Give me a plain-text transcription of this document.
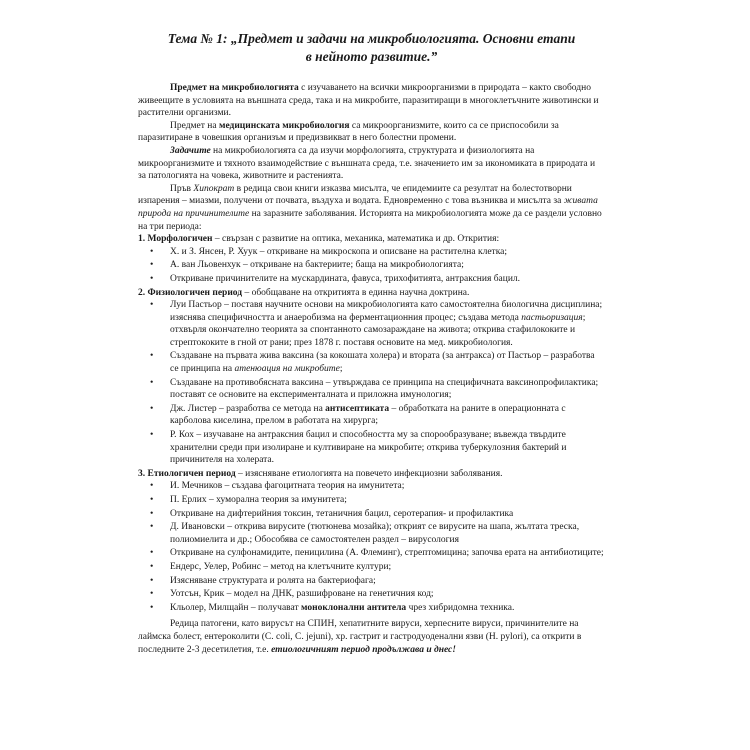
Тема № 1: „Предмет и задачи на микробиологията. Основни етапи
в нейното развитие.”

Предмет на микробиологията с изучаването на всички микроорганизми в природата – както свободно живеещите в условията на външната среда, така и на микробите, паразитиращи в многоклетъчните животински и растителни организми.

Предмет на медицинската микробиология са микроорганизмите, които са се приспособили за паразитиране в човешкия организъм и предизвикват в него болестни промени.

Задачите на микробиологията са да изучи морфологията, структурата и физиологията на микроорганизмите и тяхното взаимодействие с външната среда, т.е. значението им за икономиката в природата и за патологията на човека, животните и растенията.

Пръв Хипократ в редица свои книги изказва мисълта, че епидемиите са резултат на болестотворни изпарения – миазми, получени от почвата, въздуха и водата. Едновременно с това възниква и мисълта за живата природа на причинителите на заразните заболявания. Историята на микробиологията може да се раздели условно на три периода:

1. Морфологичен – свързан с развитие на оптика, механика, математика и др. Открития:

• Х. и З. Янсен, Р. Хуук – откриване на микроскопа и описване на растителна клетка;
• А. ван Льовенхук – откриване на бактериите; баща на микробиологията;
• Откриване причинителите на мускардината, фавуса, трихофитията, антраксния бацил.

2. Физиологичен период – обобщаване на откритията в единна научна доктрина.

• Луи Пастьор – поставя научните основи на микробиологията като самостоятелна биологична дисциплина; изяснява специфичността и анаеробизма на ферментационния процес; създава метода пастьоризация; отхвърля окончателно теорията за спонтанното самозараждане на живота; открива стафилококите и стрептококите в гной от рани; през 1878 г. поставя основите на мед. микробиология.
• Създаване на първата жива ваксина (за кокошата холера) и втората (за антракса) от Пастьор – разработва се принципа на атенюация на микробите;
• Създаване на противобясната ваксина – утвърждава се принципа на специфичната ваксинопрофилактика; поставят се основите на експерименталната и приложна имунология;
• Дж. Листер – разработва се метода на антисептиката – обработката на раните в операционната с карболова киселина, прелом в работата на хирурга;
• Р. Кох – изучаване на антраксния бацил и способността му за спорообразуване; въвежда твърдите хранителни среди при изолиране и култивиране на микробите; открива туберкулозния бактерий и причинителя на холерата.

3. Етиологичен период – изясняване етиологията на повечето инфекциозни заболявания.

• И. Мечников – създава фагоцитната теория на имунитета;
• П. Ерлих – хуморална теория за имунитета;
• Откриване на дифтерийния токсин, тетаничния бацил, серотерапия- и профилактика
• Д. Ивановски – открива вирусите (тютюнева мозайка); открият се вирусите на шапа, жълтата треска, полиомиелита и др.; Обособява се самостоятелен раздел – вирусология
• Откриване на сулфонамидите, пеницилина (А. Флеминг), стрептомицина; започва ерата на антибиотиците;
• Ендерс, Уелер, Робинс – метод на клетъчните култури;
• Изясняване структурата и ролята на бактериофага;
• Уотсън, Крик – модел на ДНК, разшифроване на генетичния код;
• Кльолер, Милщайн – получават моноклонални антитела чрез хибридомна техника.

Редица патогени, като вирусът на СПИН, хепатитните вируси, херпесните вируси, причинителите на лаймска болест, ентероколити (C. coli, C. jejuni), хр. гастрит и гастродуоденални язви (H. pylori), са открити в последните 2-3 десетилетия, т.е. етиологичният период продължава и днес!
